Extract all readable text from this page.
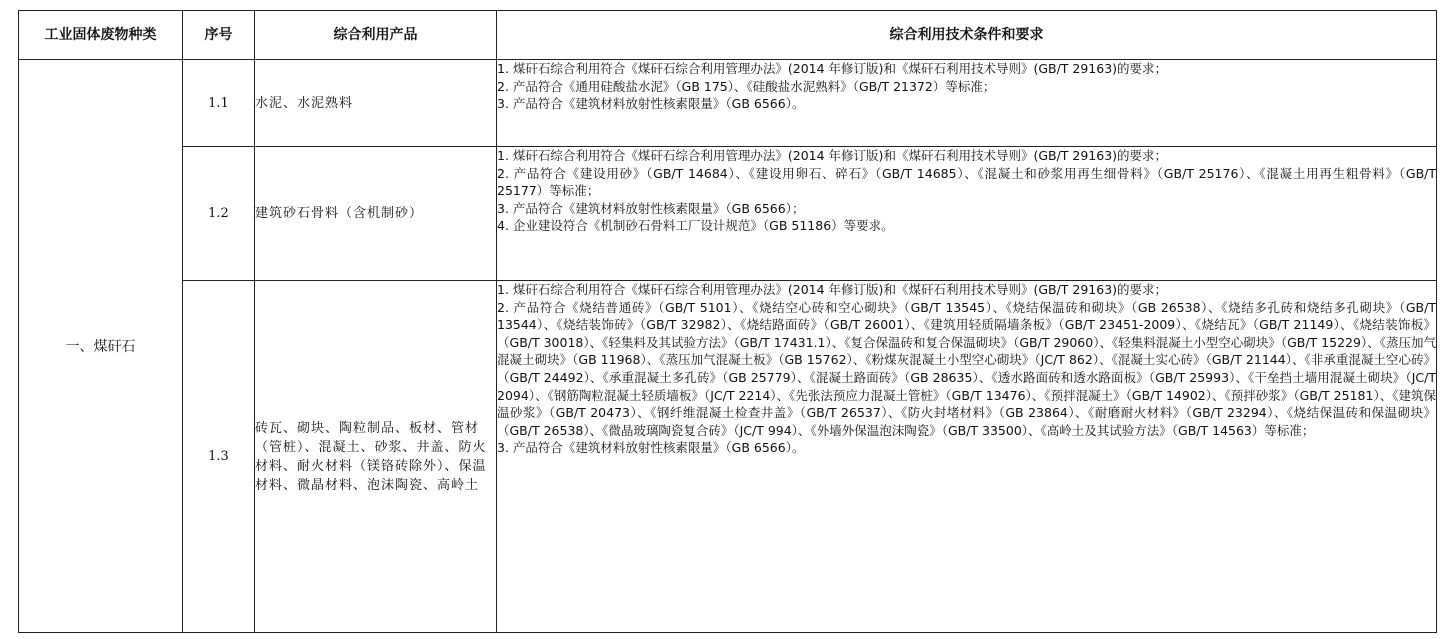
工业固体废物种类	序号	综合利用产品	综合利用技术条件和要求
一、煤矸石	1.1	水泥、水泥熟料	1. 煤矸石综合利用符合《煤矸石综合利用管理办法》(2014 年修订版)和《煤矸石利用技术导则》(GB/T 29163)的要求；
2. 产品符合《通用硅酸盐水泥》（GB 175）、《硅酸盐水泥熟料》（GB/T 21372）等标准；
3. 产品符合《建筑材料放射性核素限量》（GB 6566）。

	1.2	建筑砂石骨料（含机制砂）	1. 煤矸石综合利用符合《煤矸石综合利用管理办法》(2014 年修订版)和《煤矸石利用技术导则》(GB/T 29163)的要求；
2. 产品符合《建设用砂》（GB/T 14684）、《建设用卵石、碎石》（GB/T 14685）、《混凝土和砂浆用再生细骨料》（GB/T 25176）、《混凝土用再生粗骨料》（GB/T 25177）等标准；
3. 产品符合《建筑材料放射性核素限量》（GB 6566）；
4. 企业建设符合《机制砂石骨料工厂设计规范》（GB 51186）等要求。

	1.3	砖瓦、砌块、陶粒制品、板材、管材（管桩）、混凝土、砂浆、井盖、防火材料、耐火材料（镁铬砖除外）、保温材料、微晶材料、泡沫陶瓷、高岭土	1. 煤矸石综合利用符合《煤矸石综合利用管理办法》(2014 年修订版)和《煤矸石利用技术导则》(GB/T 29163)的要求；
2. 产品符合《烧结普通砖》（GB/T 5101）、《烧结空心砖和空心砌块》（GB/T 13545）、《烧结保温砖和砌块》（GB 26538）、《烧结多孔砖和烧结多孔砌块》（GB/T 13544）、《烧结装饰砖》（GB/T 32982）、《烧结路面砖》（GB/T 26001）、《建筑用轻质隔墙条板》（GB/T 23451-2009）、《烧结瓦》（GB/T 21149）、《烧结装饰板》（GB/T 30018）、《轻集料及其试验方法》（GB/T 17431.1）、《复合保温砖和复合保温砌块》（GB/T 29060）、《轻集料混凝土小型空心砌块》（GB/T 15229）、《蒸压加气混凝土砌块》（GB 11968）、《蒸压加气混凝土板》（GB 15762）、《粉煤灰混凝土小型空心砌块》（JC/T 862）、《混凝土实心砖》（GB/T 21144）、《非承重混凝土空心砖》（GB/T 24492）、《承重混凝土多孔砖》（GB 25779）、《混凝土路面砖》（GB 28635）、《透水路面砖和透水路面板》（GB/T 25993）、《干垒挡土墙用混凝土砌块》（JC/T 2094）、《钢筋陶粒混凝土轻质墙板》（JC/T 2214）、《先张法预应力混凝土管桩》（GB/T 13476）、《预拌混凝土》（GB/T 14902）、《预拌砂浆》（GB/T 25181）、《建筑保温砂浆》（GB/T 20473）、《钢纤维混凝土检查井盖》（GB/T 26537）、《防火封堵材料》（GB 23864）、《耐磨耐火材料》（GB/T 23294）、《烧结保温砖和保温砌块》（GB/T 26538）、《微晶玻璃陶瓷复合砖》（JC/T 994）、《外墙外保温泡沫陶瓷》（GB/T 33500）、《高岭土及其试验方法》（GB/T 14563）等标准；
3. 产品符合《建筑材料放射性核素限量》（GB 6566）。
